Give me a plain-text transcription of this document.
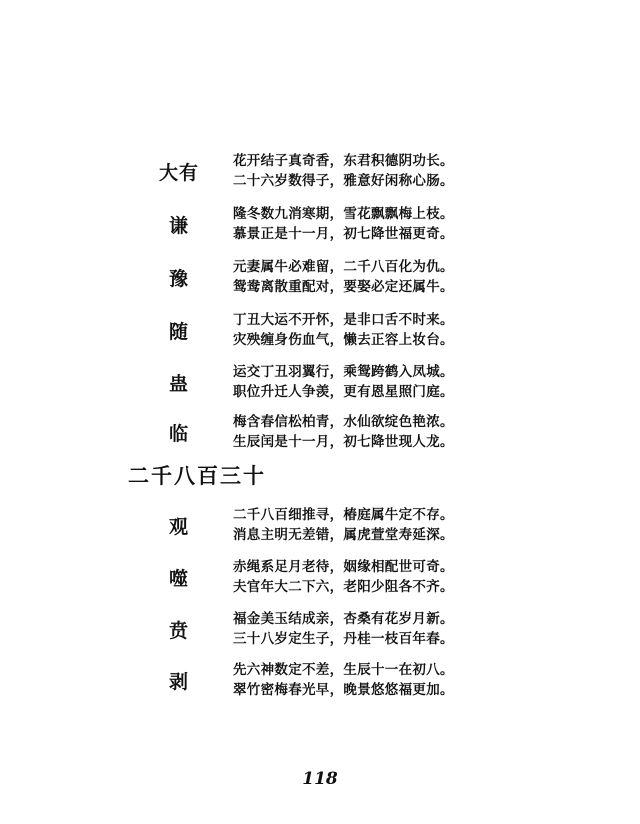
大有
花开结子真奇香，东君积德阴功长。
二十六岁数得子，雅意好闲称心肠。
谦
隆冬数九消寒期，雪花飘飘梅上枝。
慕景正是十一月，初七降世福更奇。
豫
元妻属牛必难留，二千八百化为仇。
鸳鸯离散重配对，要娶必定还属牛。
随
丁丑大运不开怀，是非口舌不时来。
灾殃缠身伤血气，懒去正容上妆台。
蛊
运交丁丑羽翼行，乘鸳跨鹤入凤城。
职位升迁人争羡，更有恩星照门庭。
临
梅含春信松柏青，水仙欲绽色艳浓。
生辰闰是十一月，初七降世现人龙。
二千八百三十
观
二千八百细推寻，椿庭属牛定不存。
消息主明无差错，属虎萱堂寿延深。
噬
赤绳系足月老待，姻缘相配世可奇。
夫官年大二下六，老阳少阻各不齐。
贲
福金美玉结成亲，杏桑有花岁月新。
三十八岁定生子，丹桂一枝百年春。
剥
先六神数定不差，生辰十一在初八。
翠竹密梅春光早，晚景悠悠福更加。
118
